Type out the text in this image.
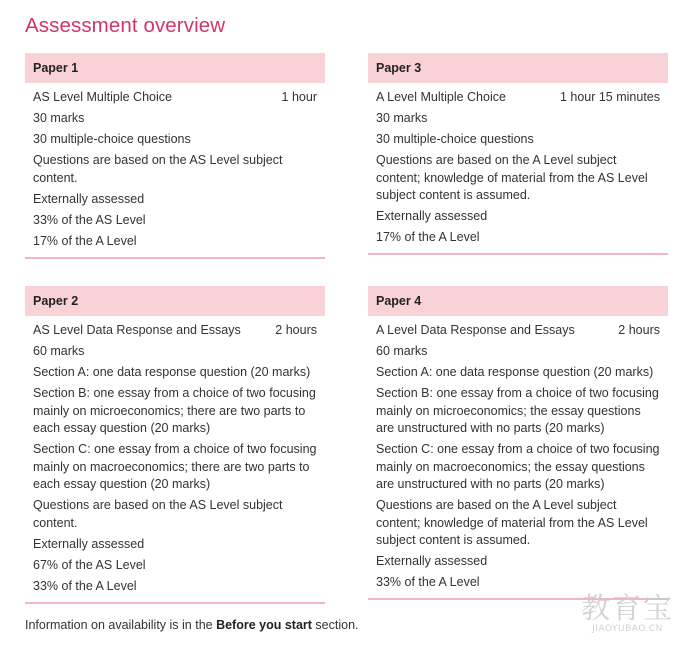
Assessment overview
Paper 1
AS Level Multiple Choice	1 hour
30 marks
30 multiple-choice questions
Questions are based on the AS Level subject content.
Externally assessed
33% of the AS Level
17% of the A Level
Paper 3
A Level Multiple Choice	1 hour 15 minutes
30 marks
30 multiple-choice questions
Questions are based on the A Level subject content; knowledge of material from the AS Level subject content is assumed.
Externally assessed
17% of the A Level
Paper 2
AS Level Data Response and Essays	2 hours
60 marks
Section A: one data response question (20 marks)
Section B: one essay from a choice of two focusing mainly on microeconomics; there are two parts to each essay question (20 marks)
Section C: one essay from a choice of two focusing mainly on macroeconomics; there are two parts to each essay question (20 marks)
Questions are based on the AS Level subject content.
Externally assessed
67% of the AS Level
33% of the A Level
Paper 4
A Level Data Response and Essays	2 hours
60 marks
Section A: one data response question (20 marks)
Section B: one essay from a choice of two focusing mainly on microeconomics; the essay questions are unstructured with no parts (20 marks)
Section C: one essay from a choice of two focusing mainly on macroeconomics; the essay questions are unstructured with no parts (20 marks)
Questions are based on the A Level subject content; knowledge of material from the AS Level subject content is assumed.
Externally assessed
33% of the A Level
Information on availability is in the Before you start section.	教育宝
JIAOYUBAO.CN
